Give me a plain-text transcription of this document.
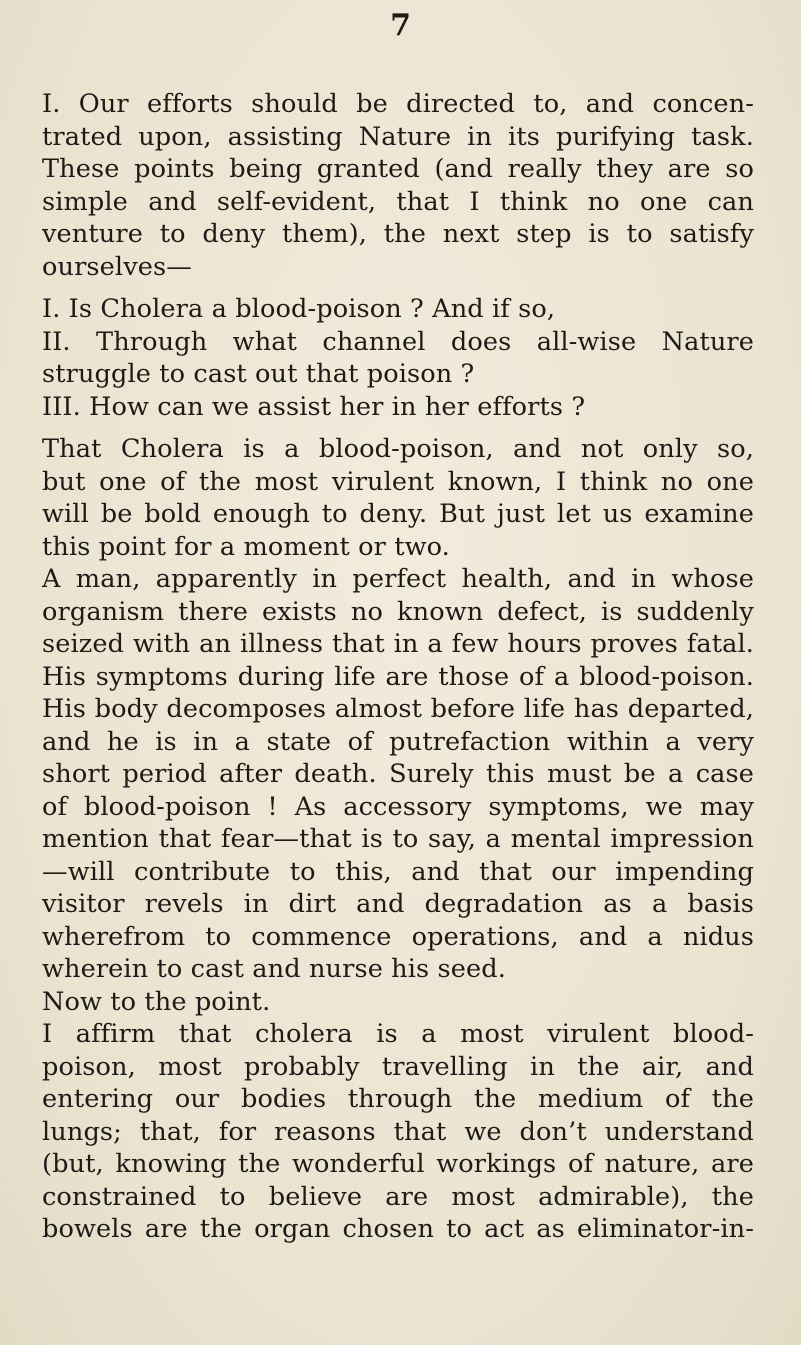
7
I. Our efforts should be directed to, and concen-
trated upon, assisting Nature in its purifying task.
These points being granted (and really they are so
simple and self-evident, that I think no one can
venture to deny them), the next step is to satisfy
ourselves—
I. Is Cholera a blood-poison ? And if so,
II. Through what channel does all-wise Nature
struggle to cast out that poison ?
III. How can we assist her in her efforts ?
That Cholera is a blood-poison, and not only so,
but one of the most virulent known, I think no one
will be bold enough to deny. But just let us examine
this point for a moment or two.
A man, apparently in perfect health, and in whose
organism there exists no known defect, is suddenly
seized with an illness that in a few hours proves fatal.
His symptoms during life are those of a blood-poison.
His body decomposes almost before life has departed,
and he is in a state of putrefaction within a very
short period after death. Surely this must be a case
of blood-poison ! As accessory symptoms, we may
mention that fear—that is to say, a mental impression
—will contribute to this, and that our impending
visitor revels in dirt and degradation as a basis
wherefrom to commence operations, and a nidus
wherein to cast and nurse his seed.
Now to the point.
I affirm that cholera is a most virulent blood-
poison, most probably travelling in the air, and
entering our bodies through the medium of the
lungs; that, for reasons that we don’t understand
(but, knowing the wonderful workings of nature, are
constrained to believe are most admirable), the
bowels are the organ chosen to act as eliminator-in-
